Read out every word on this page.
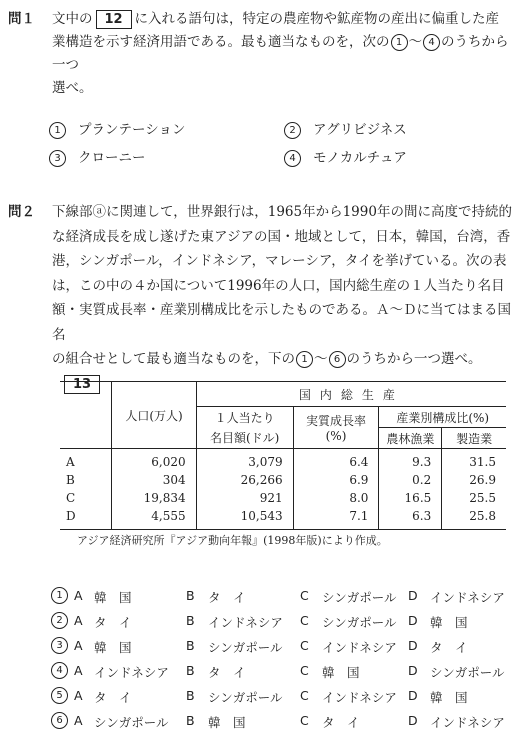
問１ 文中の 12 に入れる語句は，特定の農産物や鉱産物の産出に偏重した産
業構造を示す経済用語である。最も適当なものを，次の 1 〜 4 のうちから一つ
選べ。
1 プランテーション	2 アグリビジネス
3 クローニー	4 モノカルチュア
問２ 下線部ⓐに関連して，世界銀行は，1965年から1990年の間に高度で持続的
な経済成長を成し遂げた東アジアの国・地域として，日本，韓国，台湾，香
港，シンガポール，インドネシア，マレーシア，タイを挙げている。次の表
は，この中の４か国について1996年の人口，国内総生産の１人当たり名目
額・実質成長率・産業別構成比を示したものである。Ａ〜Ｄに当てはまる国名
の組合せとして最も適当なものを，下の 1 〜 6 のうちから一つ選べ。13
	人口(万人)	国内総生産			
		１人当たり	実質成長率(%)	産業別構成比(%)	
		名目額(ドル)		農林漁業	製造業
A	6,020	3,079	6.4	9.3	31.5
B	304	26,266	6.9	0.2	26.9
C	19,834	921	8.0	16.5	25.5
D	4,555	10,543	7.1	6.3	25.8
アジア経済研究所『アジア動向年報』(1998年版)により作成。
1 A 韓　国	B タ　イ	C シンガポール D インドネシア
2 A タ　イ	B インドネシア C シンガポール D 韓　国
3 A 韓　国	B シンガポール C インドネシア D タ　イ
4 A インドネシア B タ　イ	C 韓　国	D シンガポール
5 A タ　イ	B シンガポール C インドネシア D 韓　国
6 A シンガポール B 韓　国	C タ　イ	D インドネシア
